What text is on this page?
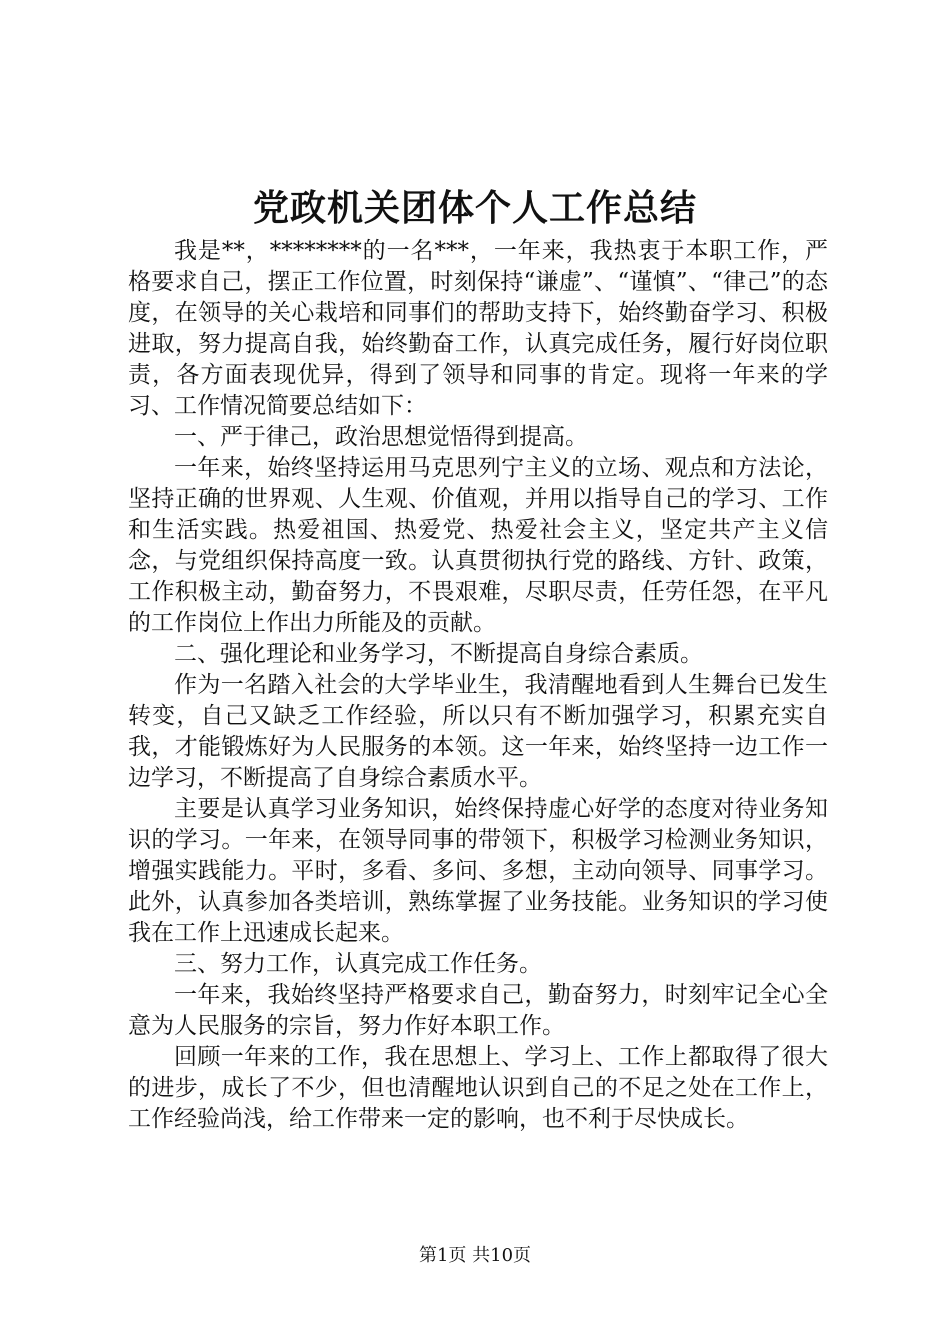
党政机关团体个人工作总结

我是**，********的一名***，一年来，我热衷于本职工作，严格要求自己，摆正工作位置，时刻保持“谦虚”、“谨慎”、“律己”的态度，在领导的关心栽培和同事们的帮助支持下，始终勤奋学习、积极进取，努力提高自我，始终勤奋工作，认真完成任务，履行好岗位职责，各方面表现优异，得到了领导和同事的肯定。现将一年来的学习、工作情况简要总结如下：

一、严于律己，政治思想觉悟得到提高。

一年来，始终坚持运用马克思列宁主义的立场、观点和方法论，坚持正确的世界观、人生观、价值观，并用以指导自己的学习、工作和生活实践。热爱祖国、热爱党、热爱社会主义，坚定共产主义信念，与党组织保持高度一致。认真贯彻执行党的路线、方针、政策，工作积极主动，勤奋努力，不畏艰难，尽职尽责，任劳任怨，在平凡的工作岗位上作出力所能及的贡献。

二、强化理论和业务学习，不断提高自身综合素质。

作为一名踏入社会的大学毕业生，我清醒地看到人生舞台已发生转变，自己又缺乏工作经验，所以只有不断加强学习，积累充实自我，才能锻炼好为人民服务的本领。这一年来，始终坚持一边工作一边学习，不断提高了自身综合素质水平。

主要是认真学习业务知识，始终保持虚心好学的态度对待业务知识的学习。一年来，在领导同事的带领下，积极学习检测业务知识，增强实践能力。平时，多看、多问、多想，主动向领导、同事学习。此外，认真参加各类培训，熟练掌握了业务技能。业务知识的学习使我在工作上迅速成长起来。

三、努力工作，认真完成工作任务。

一年来，我始终坚持严格要求自己，勤奋努力，时刻牢记全心全意为人民服务的宗旨，努力作好本职工作。

回顾一年来的工作，我在思想上、学习上、工作上都取得了很大的进步，成长了不少，但也清醒地认识到自己的不足之处在工作上，工作经验尚浅，给工作带来一定的影响，也不利于尽快成长。

第1页 共10页
